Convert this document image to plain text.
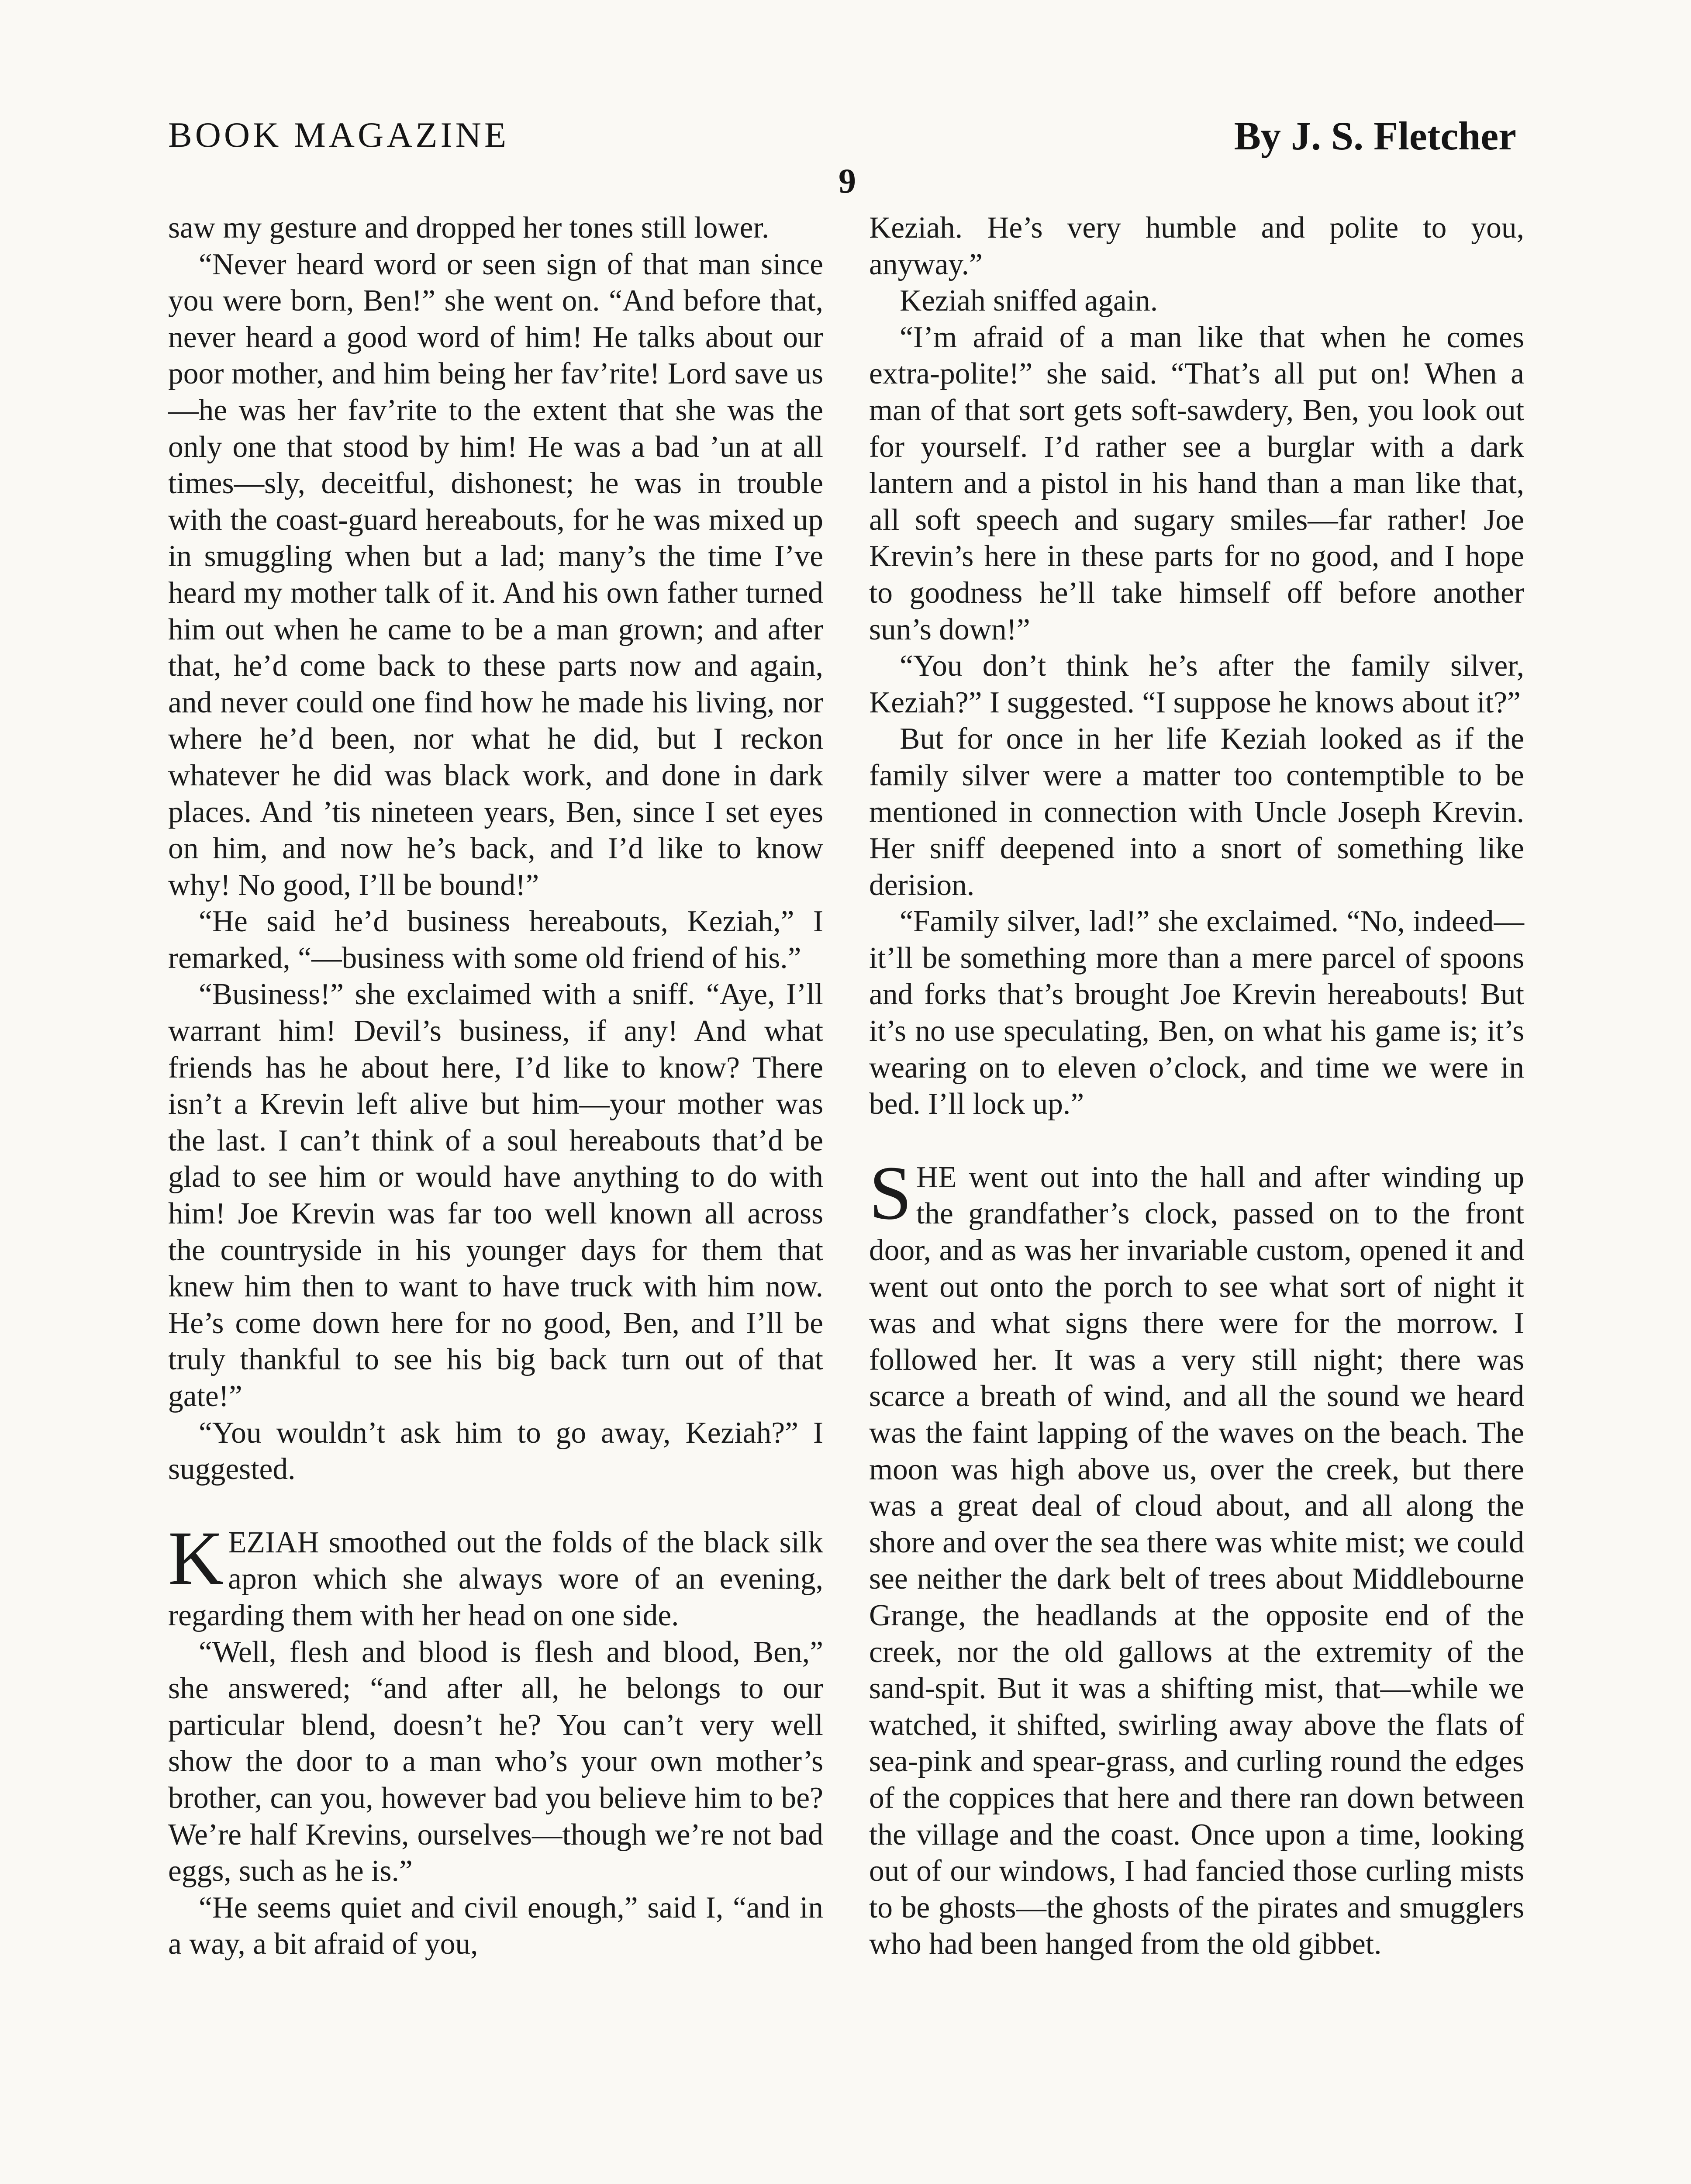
BOOK MAGAZINE	By J. S. Fletcher
9

saw my gesture and dropped her tones still lower.

“Never heard word or seen sign of that man since you were born, Ben!” she went on. “And before that, never heard a good word of him! He talks about our poor mother, and him being her fav’rite! Lord save us—he was her fav’rite to the extent that she was the only one that stood by him! He was a bad ’un at all times—sly, deceitful, dishonest; he was in trouble with the coast-guard hereabouts, for he was mixed up in smuggling when but a lad; many’s the time I’ve heard my mother talk of it. And his own father turned him out when he came to be a man grown; and after that, he’d come back to these parts now and again, and never could one find how he made his living, nor where he’d been, nor what he did, but I reckon whatever he did was black work, and done in dark places. And ’tis nineteen years, Ben, since I set eyes on him, and now he’s back, and I’d like to know why! No good, I’ll be bound!”

“He said he’d business hereabouts, Keziah,” I remarked, “—business with some old friend of his.”

“Business!” she exclaimed with a sniff. “Aye, I’ll warrant him! Devil’s business, if any! And what friends has he about here, I’d like to know? There isn’t a Krevin left alive but him—your mother was the last. I can’t think of a soul hereabouts that’d be glad to see him or would have anything to do with him! Joe Krevin was far too well known all across the countryside in his younger days for them that knew him then to want to have truck with him now. He’s come down here for no good, Ben, and I’ll be truly thankful to see his big back turn out of that gate!”

“You wouldn’t ask him to go away, Keziah?” I suggested.

KEZIAH smoothed out the folds of the black silk apron which she always wore of an evening, regarding them with her head on one side.

“Well, flesh and blood is flesh and blood, Ben,” she answered; “and after all, he belongs to our particular blend, doesn’t he? You can’t very well show the door to a man who’s your own mother’s brother, can you, however bad you believe him to be? We’re half Krevins, ourselves—though we’re not bad eggs, such as he is.”

“He seems quiet and civil enough,” said I, “and in a way, a bit afraid of you,

Keziah. He’s very humble and polite to you, anyway.”

Keziah sniffed again.

“I’m afraid of a man like that when he comes extra-polite!” she said. “That’s all put on! When a man of that sort gets soft-sawdery, Ben, you look out for yourself. I’d rather see a burglar with a dark lantern and a pistol in his hand than a man like that, all soft speech and sugary smiles—far rather! Joe Krevin’s here in these parts for no good, and I hope to goodness he’ll take himself off before another sun’s down!”

“You don’t think he’s after the family silver, Keziah?” I suggested. “I suppose he knows about it?”

But for once in her life Keziah looked as if the family silver were a matter too contemptible to be mentioned in connection with Uncle Joseph Krevin. Her sniff deepened into a snort of something like derision.

“Family silver, lad!” she exclaimed. “No, indeed—it’ll be something more than a mere parcel of spoons and forks that’s brought Joe Krevin hereabouts! But it’s no use speculating, Ben, on what his game is; it’s wearing on to eleven o’clock, and time we were in bed. I’ll lock up.”

SHE went out into the hall and after winding up the grandfather’s clock, passed on to the front door, and as was her invariable custom, opened it and went out onto the porch to see what sort of night it was and what signs there were for the morrow. I followed her. It was a very still night; there was scarce a breath of wind, and all the sound we heard was the faint lapping of the waves on the beach. The moon was high above us, over the creek, but there was a great deal of cloud about, and all along the shore and over the sea there was white mist; we could see neither the dark belt of trees about Middlebourne Grange, the headlands at the opposite end of the creek, nor the old gallows at the extremity of the sand-spit. But it was a shifting mist, that—while we watched, it shifted, swirling away above the flats of sea-pink and spear-grass, and curling round the edges of the coppices that here and there ran down between the village and the coast. Once upon a time, looking out of our windows, I had fancied those curling mists to be ghosts—the ghosts of the pirates and smugglers who had been hanged from the old gibbet.
